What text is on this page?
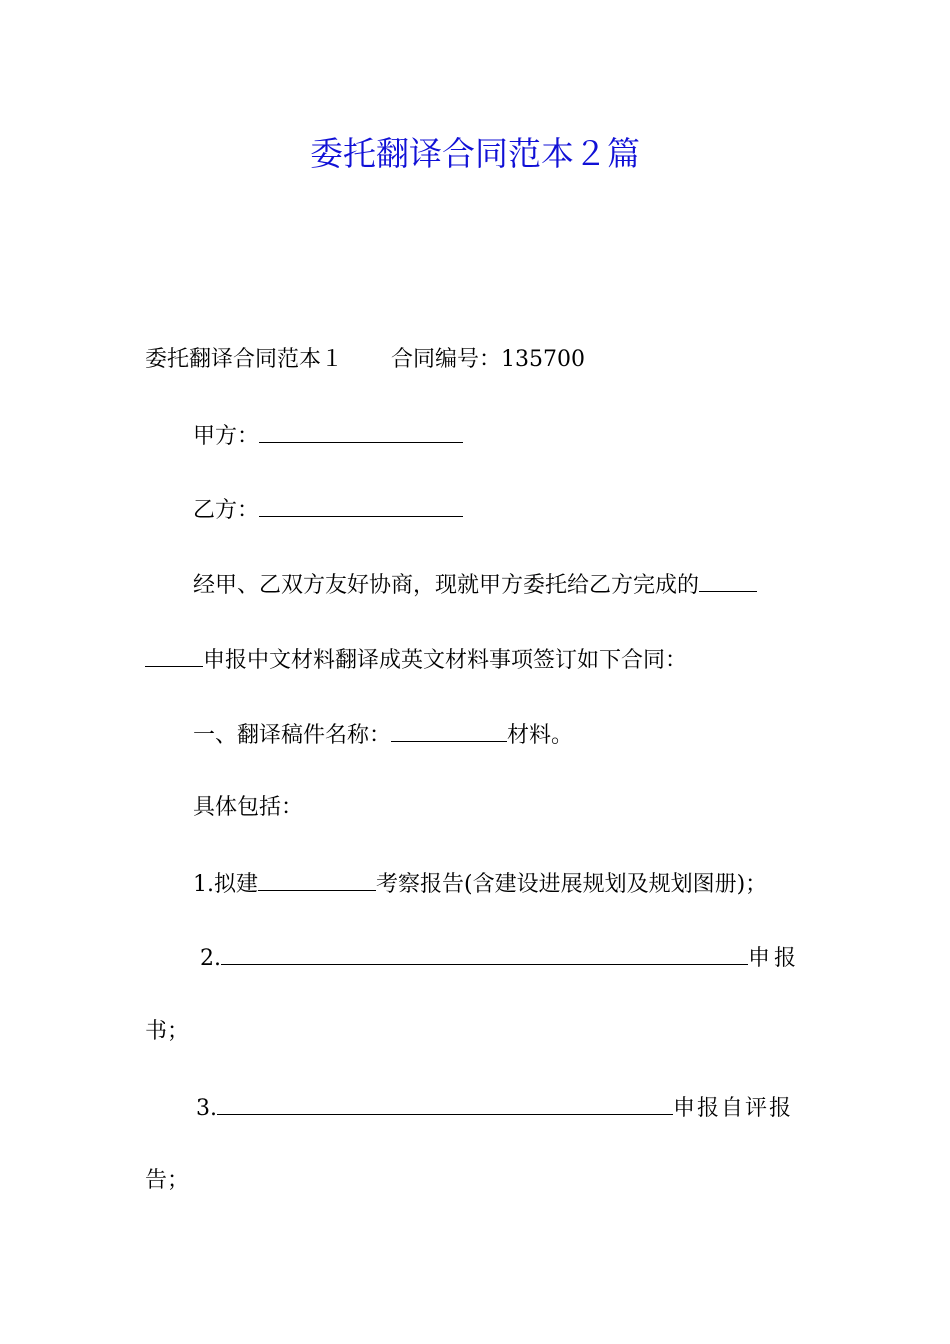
委托翻译合同范本２篇
委托翻译合同范本１ 合同编号：135700
甲方：
乙方：
经甲、乙双方友好协商，现就甲方委托给乙方完成的
申报中文材料翻译成英文材料事项签订如下合同：
一、翻译稿件名称：	材料。
具体包括：
1.拟建	考察报告(含建设进展规划及规划图册)；
2.	申报
书；
3.	申报自评报
告；
